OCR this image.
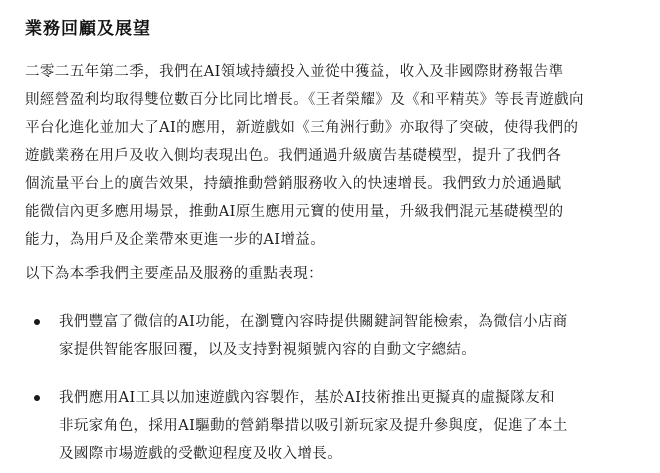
業務回顧及展望
二零二五年第二季，我們在AI領域持續投入並從中獲益，收入及非國際財務報告準
則經營盈利均取得雙位數百分比同比增長。《王者榮耀》及《和平精英》等長青遊戲向
平台化進化並加大了AI的應用，新遊戲如《三角洲行動》亦取得了突破，使得我們的
遊戲業務在用戶及收入側均表現出色。我們通過升級廣告基礎模型，提升了我們各
個流量平台上的廣告效果，持續推動營銷服務收入的快速增長。我們致力於通過賦
能微信內更多應用場景，推動AI原生應用元寶的使用量，升級我們混元基礎模型的
能力，為用戶及企業帶來更進一步的AI增益。
以下為本季我們主要產品及服務的重點表現：
我們豐富了微信的AI功能，在瀏覽內容時提供關鍵詞智能檢索，為微信小店商
家提供智能客服回覆，以及支持對視頻號內容的自動文字總結。
我們應用AI工具以加速遊戲內容製作，基於AI技術推出更擬真的虛擬隊友和
非玩家角色，採用AI驅動的營銷舉措以吸引新玩家及提升參與度，促進了本土
及國際市場遊戲的受歡迎程度及收入增長。
